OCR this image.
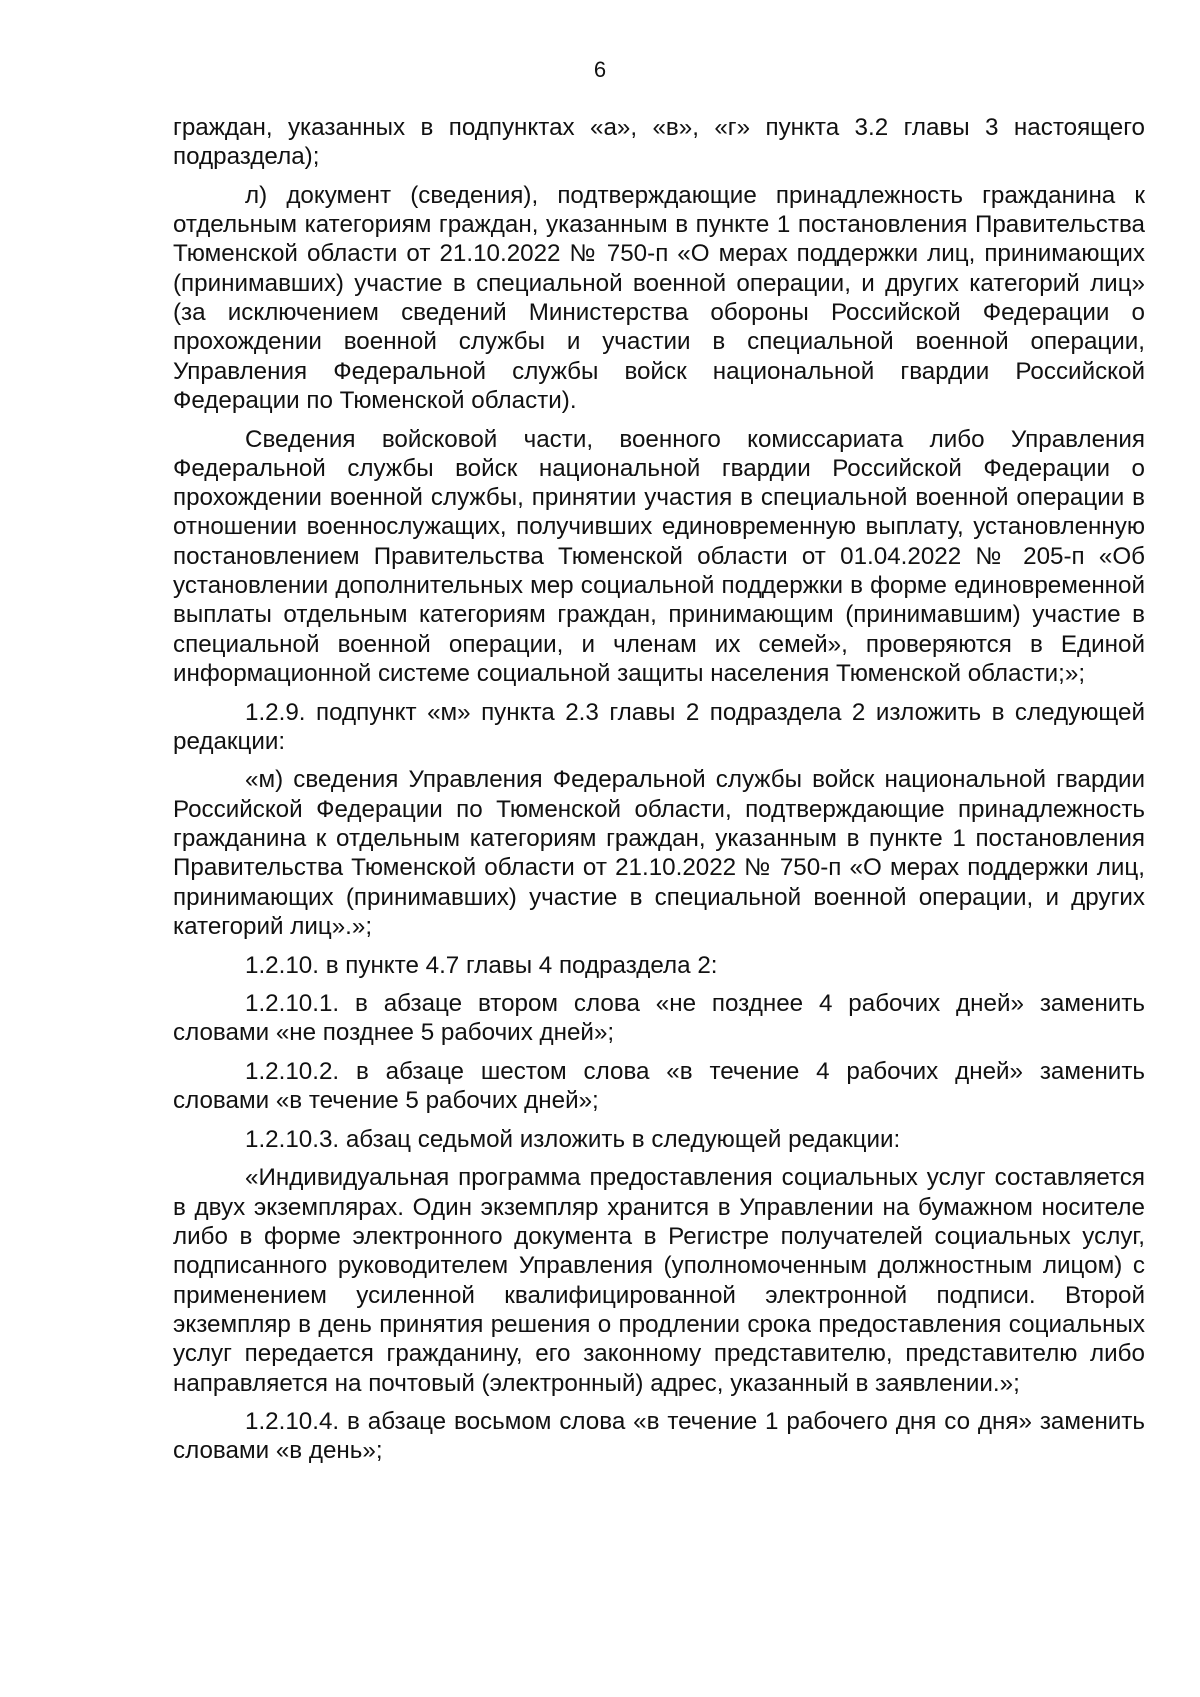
6

граждан, указанных в подпунктах «а», «в», «г» пункта 3.2 главы 3 настоящего подраздела);

л) документ (сведения), подтверждающие принадлежность гражданина к отдельным категориям граждан, указанным в пункте 1 постановления Правительства Тюменской области от 21.10.2022 № 750-п «О мерах поддержки лиц, принимающих (принимавших) участие в специальной военной операции, и других категорий лиц» (за исключением сведений Министерства обороны Российской Федерации о прохождении военной службы и участии в специальной военной операции, Управления Федеральной службы войск национальной гвардии Российской Федерации по Тюменской области).

Сведения войсковой части, военного комиссариата либо Управления Федеральной службы войск национальной гвардии Российской Федерации о прохождении военной службы, принятии участия в специальной военной операции в отношении военнослужащих, получивших единовременную выплату, установленную постановлением Правительства Тюменской области от 01.04.2022 № 205-п «Об установлении дополнительных мер социальной поддержки в форме единовременной выплаты отдельным категориям граждан, принимающим (принимавшим) участие в специальной военной операции, и членам их семей», проверяются в Единой информационной системе социальной защиты населения Тюменской области;»;

1.2.9. подпункт «м» пункта 2.3 главы 2 подраздела 2 изложить в следующей редакции:

«м) сведения Управления Федеральной службы войск национальной гвардии Российской Федерации по Тюменской области, подтверждающие принадлежность гражданина к отдельным категориям граждан, указанным в пункте 1 постановления Правительства Тюменской области от 21.10.2022 № 750-п «О мерах поддержки лиц, принимающих (принимавших) участие в специальной военной операции, и других категорий лиц».»;

1.2.10. в пункте 4.7 главы 4 подраздела 2:

1.2.10.1. в абзаце втором слова «не позднее 4 рабочих дней» заменить словами «не позднее 5 рабочих дней»;

1.2.10.2. в абзаце шестом слова «в течение 4 рабочих дней» заменить словами «в течение 5 рабочих дней»;

1.2.10.3. абзац седьмой изложить в следующей редакции:

«Индивидуальная программа предоставления социальных услуг составляется в двух экземплярах. Один экземпляр хранится в Управлении на бумажном носителе либо в форме электронного документа в Регистре получателей социальных услуг, подписанного руководителем Управления (уполномоченным должностным лицом) с применением усиленной квалифицированной электронной подписи. Второй экземпляр в день принятия решения о продлении срока предоставления социальных услуг передается гражданину, его законному представителю, представителю либо направляется на почтовый (электронный) адрес, указанный в заявлении.»;

1.2.10.4. в абзаце восьмом слова «в течение 1 рабочего дня со дня» заменить словами «в день»;
